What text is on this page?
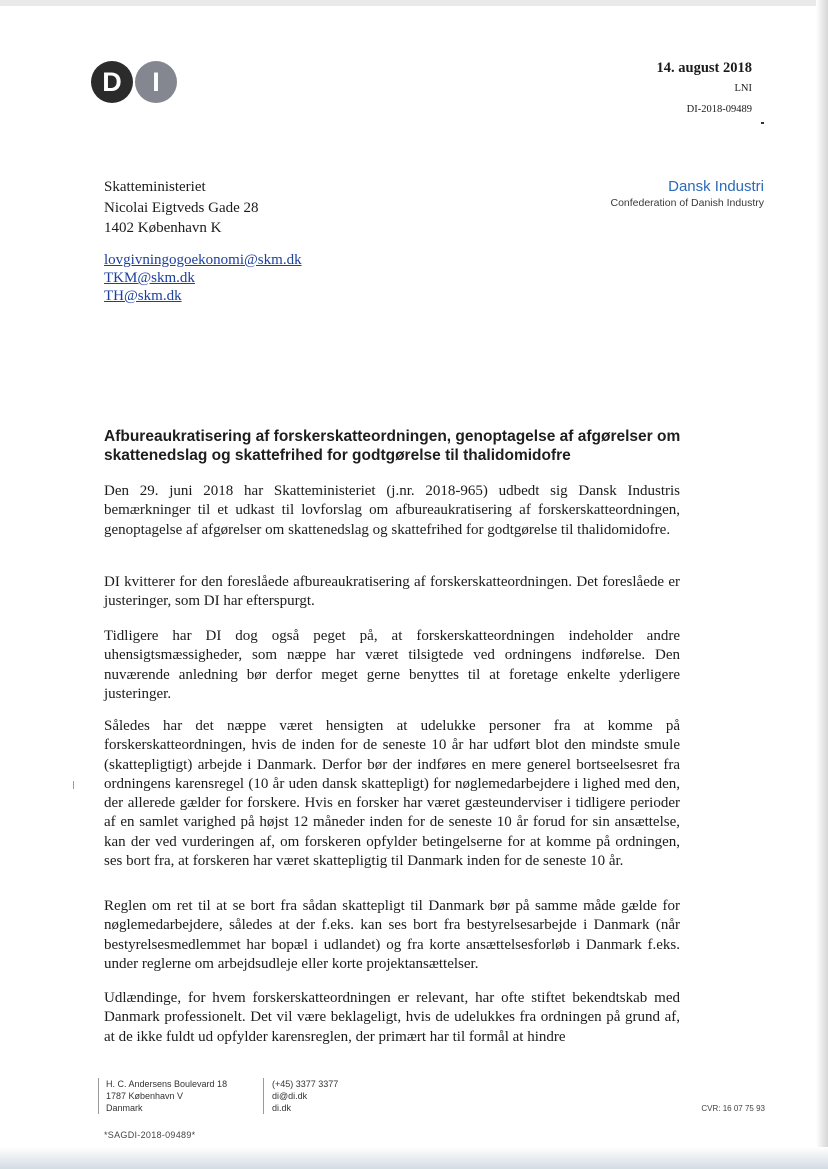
D	I	14. august 2018
LNI
DI-2018-09489
Skatteministeriet
Nicolai Eigtveds Gade 28
1402 København K
lovgivningogoekonomi@skm.dk
TKM@skm.dk
TH@skm.dk
Dansk Industri
Confederation of Danish Industry
Afbureaukratisering af forskerskatteordningen, genoptagelse af afgørelser om skattenedslag og skattefrihed for godtgørelse til thalidomidofre

Den 29. juni 2018 har Skatteministeriet (j.nr. 2018-965) udbedt sig Dansk Industris bemærkninger til et udkast til lovforslag om afbureaukratisering af forskerskatteordningen, genoptagelse af afgørelser om skattenedslag og skattefrihed for godtgørelse til thalidomidofre.

DI kvitterer for den foreslåede afbureaukratisering af forskerskatteordningen. Det foreslåede er justeringer, som DI har efterspurgt.

Tidligere har DI dog også peget på, at forskerskatteordningen indeholder andre uhensigtsmæssigheder, som næppe har været tilsigtede ved ordningens indførelse. Den nuværende anledning bør derfor meget gerne benyttes til at foretage enkelte yderligere justeringer.

Således har det næppe været hensigten at udelukke personer fra at komme på forskerskatteordningen, hvis de inden for de seneste 10 år har udført blot den mindste smule (skattepligtigt) arbejde i Danmark. Derfor bør der indføres en mere generel bortseelsesret fra ordningens karensregel (10 år uden dansk skattepligt) for nøglemedarbejdere i lighed med den, der allerede gælder for forskere. Hvis en forsker har været gæsteunderviser i tidligere perioder af en samlet varighed på højst 12 måneder inden for de seneste 10 år forud for sin ansættelse, kan der ved vurderingen af, om forskeren opfylder betingelserne for at komme på ordningen, ses bort fra, at forskeren har været skattepligtig til Danmark inden for de seneste 10 år.

Reglen om ret til at se bort fra sådan skattepligt til Danmark bør på samme måde gælde for nøglemedarbejdere, således at der f.eks. kan ses bort fra bestyrelsesarbejde i Danmark (når bestyrelsesmedlemmet har bopæl i udlandet) og fra korte ansættelsesforløb i Danmark f.eks. under reglerne om arbejdsudleje eller korte projektansættelser.

Udlændinge, for hvem forskerskatteordningen er relevant, har ofte stiftet bekendtskab med Danmark professionelt. Det vil være beklageligt, hvis de udelukkes fra ordningen på grund af, at de ikke fuldt ud opfylder karensreglen, der primært har til formål at hindre

H. C. Andersens Boulevard 18
1787 København V
Danmark
(+45) 3377 3377
di@di.dk
di.dk	CVR: 16 07 75 93
*SAGDI-2018-09489*
